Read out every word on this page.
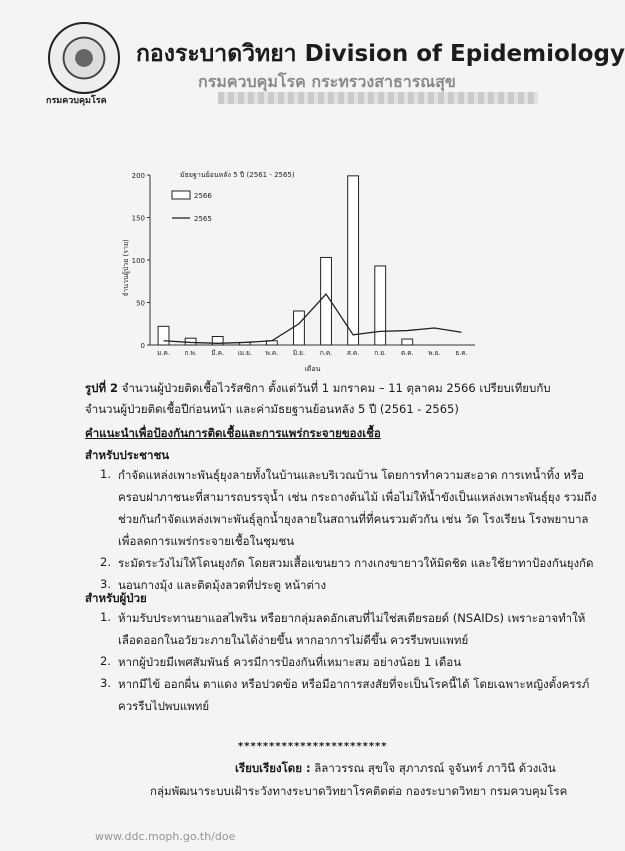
กรมควบคุมโรค
กองระบาดวิทยา Division of Epidemiology
กรมควบคุมโรค กระทรวงสาธารณสุข
0
50
100
150
200
จำนวนผู้ป่วย (ราย)
ม.ค. ก.พ. มี.ค. เม.ย. พ.ค. มิ.ย. ก.ค. ส.ค. ก.ย. ต.ค. พ.ย. ธ.ค.
เดือน
มัธยฐานย้อนหลัง 5 ปี (2561 - 2565)
2566
2565
รูปที่ 2 จำนวนผู้ป่วยติดเชื้อไวรัสซิกา ตั้งแต่วันที่ 1 มกราคม – 11 ตุลาคม 2566 เปรียบเทียบกับจำนวนผู้ป่วยติดเชื้อปีก่อนหน้า และค่ามัธยฐานย้อนหลัง 5 ปี (2561 - 2565)
คำแนะนำเพื่อป้องกันการติดเชื้อและการแพร่กระจายของเชื้อ
สำหรับประชาชน
1. กำจัดแหล่งเพาะพันธุ์ยุงลายทั้งในบ้านและบริเวณบ้าน โดยการทำความสะอาด การเทน้ำทิ้ง หรือ
ครอบฝาภาชนะที่สามารถบรรจุน้ำ เช่น กระถางต้นไม้ เพื่อไม่ให้น้ำขังเป็นแหล่งเพาะพันธุ์ยุง รวมถึง
ช่วยกันกำจัดแหล่งเพาะพันธุ์ลูกน้ำยุงลายในสถานที่ที่คนรวมตัวกัน เช่น วัด โรงเรียน โรงพยาบาล
เพื่อลดการแพร่กระจายเชื้อในชุมชน
2. ระมัดระวังไม่ให้โดนยุงกัด โดยสวมเสื้อแขนยาว กางเกงขายาวให้มิดชิด และใช้ยาทาป้องกันยุงกัด
3. นอนกางมุ้ง และติดมุ้งลวดที่ประตู หน้าต่าง
สำหรับผู้ป่วย
1. ห้ามรับประทานยาแอสไพริน หรือยากลุ่มลดอักเสบที่ไม่ใช่สเตียรอยด์ (NSAIDs) เพราะอาจทำให้
เลือดออกในอวัยวะภายในได้ง่ายขึ้น หากอาการไม่ดีขึ้น ควรรีบพบแพทย์
2. หากผู้ป่วยมีเพศสัมพันธ์ ควรมีการป้องกันที่เหมาะสม อย่างน้อย 1 เดือน
3. หากมีไข้ ออกผื่น ตาแดง หรือปวดข้อ หรือมีอาการสงสัยที่จะเป็นโรคนี้ได้ โดยเฉพาะหญิงตั้งครรภ์
ควรรีบไปพบแพทย์
************************
เรียบเรียงโดย : ลิลาวรรณ สุขใจ สุภาภรณ์ จูจันทร์ ภาวินี ด้วงเงิน
กลุ่มพัฒนาระบบเฝ้าระวังทางระบาดวิทยาโรคติดต่อ กองระบาดวิทยา กรมควบคุมโรค
www.ddc.moph.go.th/doe
